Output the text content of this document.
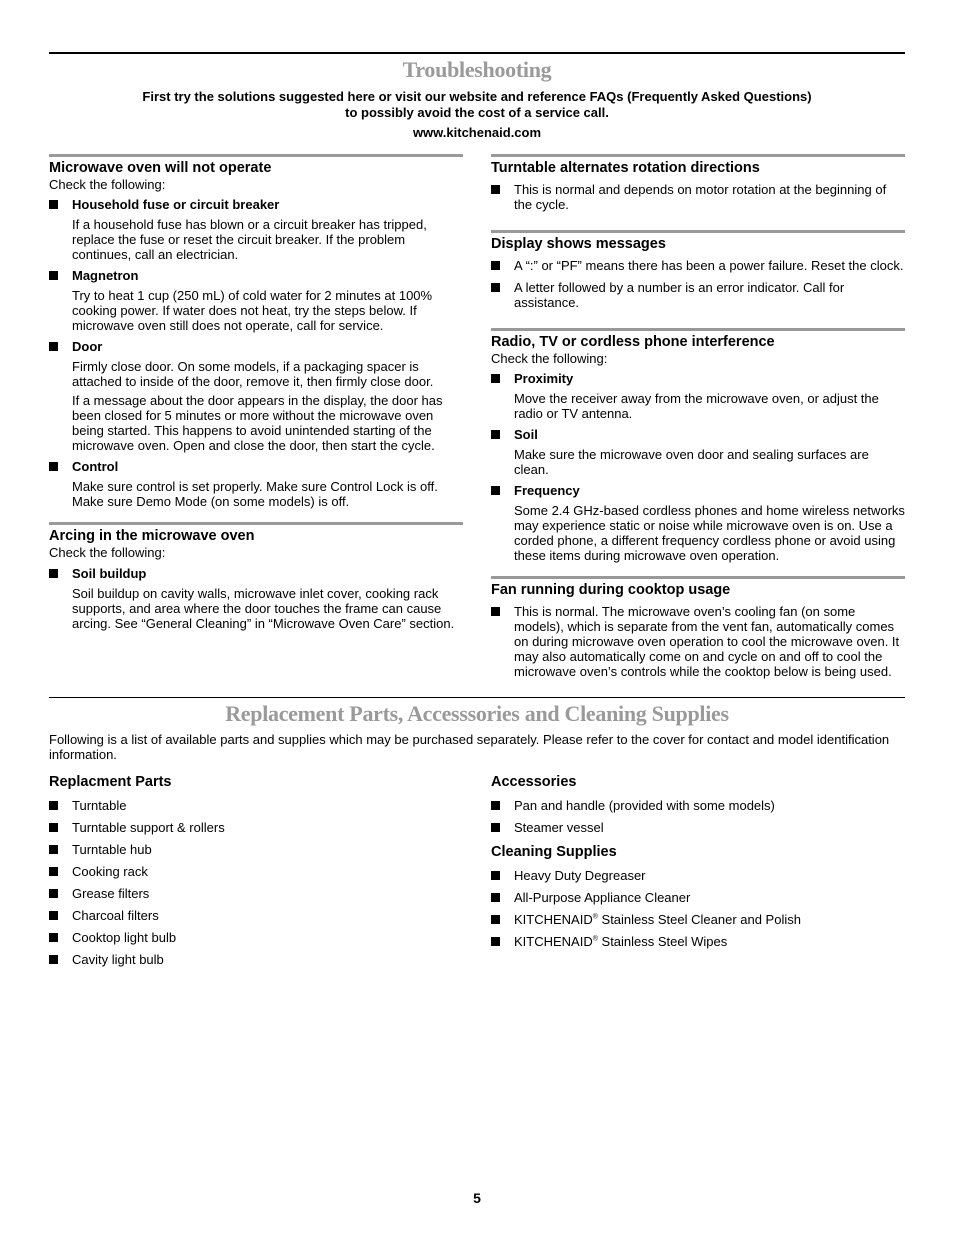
Troubleshooting
First try the solutions suggested here or visit our website and reference FAQs (Frequently Asked Questions)
to possibly avoid the cost of a service call.
www.kitchenaid.com
Microwave oven will not operate
Check the following:
Household fuse or circuit breaker
If a household fuse has blown or a circuit breaker has tripped, replace the fuse or reset the circuit breaker. If the problem continues, call an electrician.
Magnetron
Try to heat 1 cup (250 mL) of cold water for 2 minutes at 100% cooking power. If water does not heat, try the steps below. If microwave oven still does not operate, call for service.
Door
Firmly close door. On some models, if a packaging spacer is attached to inside of the door, remove it, then firmly close door.
If a message about the door appears in the display, the door has been closed for 5 minutes or more without the microwave oven being started. This happens to avoid unintended starting of the microwave oven. Open and close the door, then start the cycle.
Control
Make sure control is set properly. Make sure Control Lock is off. Make sure Demo Mode (on some models) is off.
Arcing in the microwave oven
Check the following:
Soil buildup
Soil buildup on cavity walls, microwave inlet cover, cooking rack supports, and area where the door touches the frame can cause arcing. See “General Cleaning” in “Microwave Oven Care” section.
Turntable alternates rotation directions
This is normal and depends on motor rotation at the beginning of the cycle.
Display shows messages
A “:” or “PF” means there has been a power failure. Reset the clock.
A letter followed by a number is an error indicator. Call for assistance.
Radio, TV or cordless phone interference
Check the following:
Proximity
Move the receiver away from the microwave oven, or adjust the radio or TV antenna.
Soil
Make sure the microwave oven door and sealing surfaces are clean.
Frequency
Some 2.4 GHz-based cordless phones and home wireless networks may experience static or noise while microwave oven is on. Use a corded phone, a different frequency cordless phone or avoid using these items during microwave oven operation.
Fan running during cooktop usage
This is normal. The microwave oven’s cooling fan (on some models), which is separate from the vent fan, automatically comes on during microwave oven operation to cool the microwave oven. It may also automatically come on and cycle on and off to cool the microwave oven’s controls while the cooktop below is being used.
Replacement Parts, Accesssories and Cleaning Supplies
Following is a list of available parts and supplies which may be purchased separately. Please refer to the cover for contact and model identification information.
Replacment Parts
Turntable
Turntable support & rollers
Turntable hub
Cooking rack
Grease filters
Charcoal filters
Cooktop light bulb
Cavity light bulb
Accessories
Pan and handle (provided with some models)
Steamer vessel
Cleaning Supplies
Heavy Duty Degreaser
All-Purpose Appliance Cleaner
KITCHENAID® Stainless Steel Cleaner and Polish
KITCHENAID® Stainless Steel Wipes
5
